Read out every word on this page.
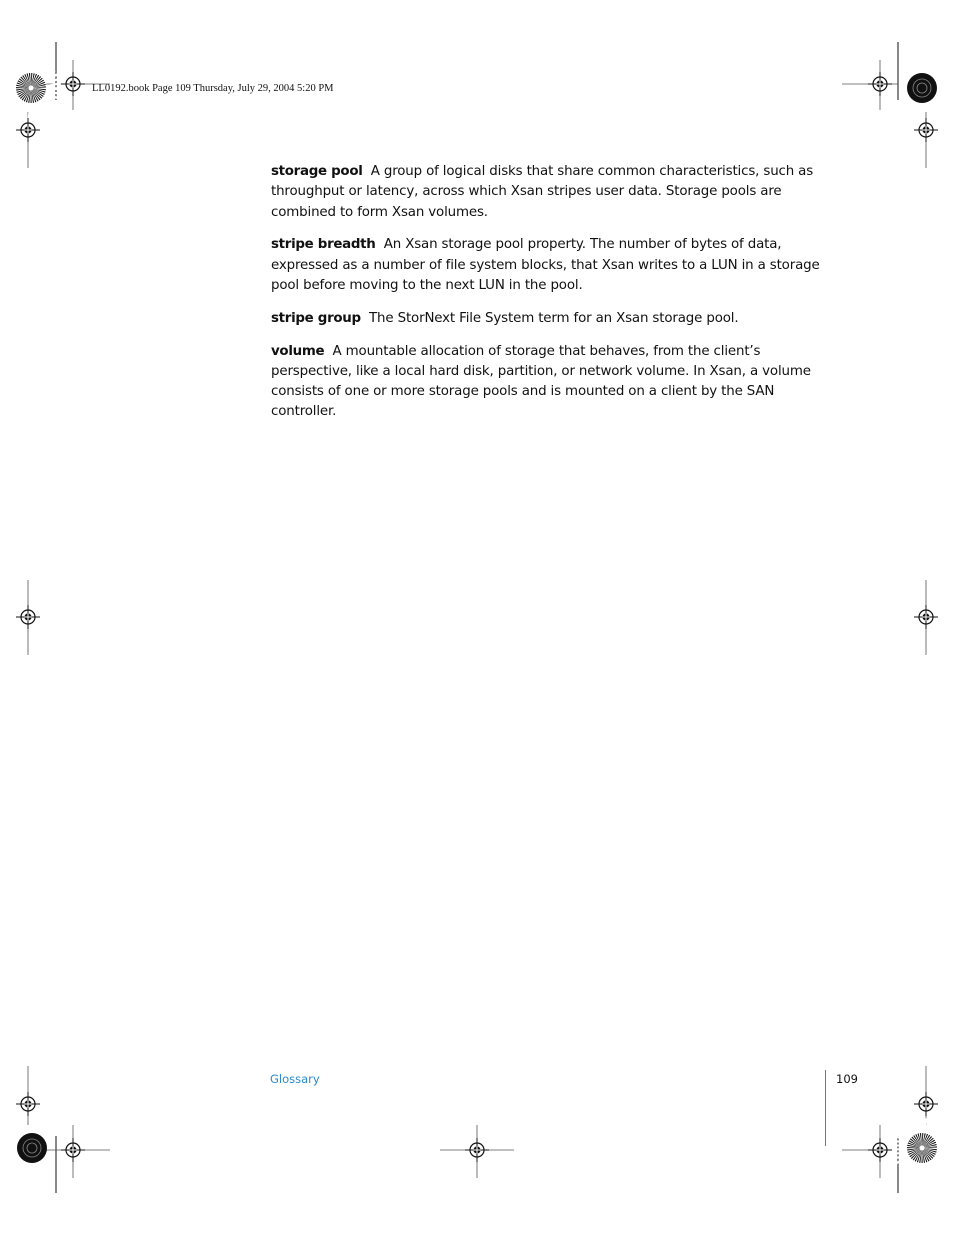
LL0192.book Page 109 Thursday, July 29, 2004 5:20 PM

storage pool A group of logical disks that share common characteristics, such as throughput or latency, across which Xsan stripes user data. Storage pools are combined to form Xsan volumes.

stripe breadth An Xsan storage pool property. The number of bytes of data, expressed as a number of file system blocks, that Xsan writes to a LUN in a storage pool before moving to the next LUN in the pool.

stripe group The StorNext File System term for an Xsan storage pool.

volume A mountable allocation of storage that behaves, from the client’s perspective, like a local hard disk, partition, or network volume. In Xsan, a volume consists of one or more storage pools and is mounted on a client by the SAN controller.

Glossary	109
